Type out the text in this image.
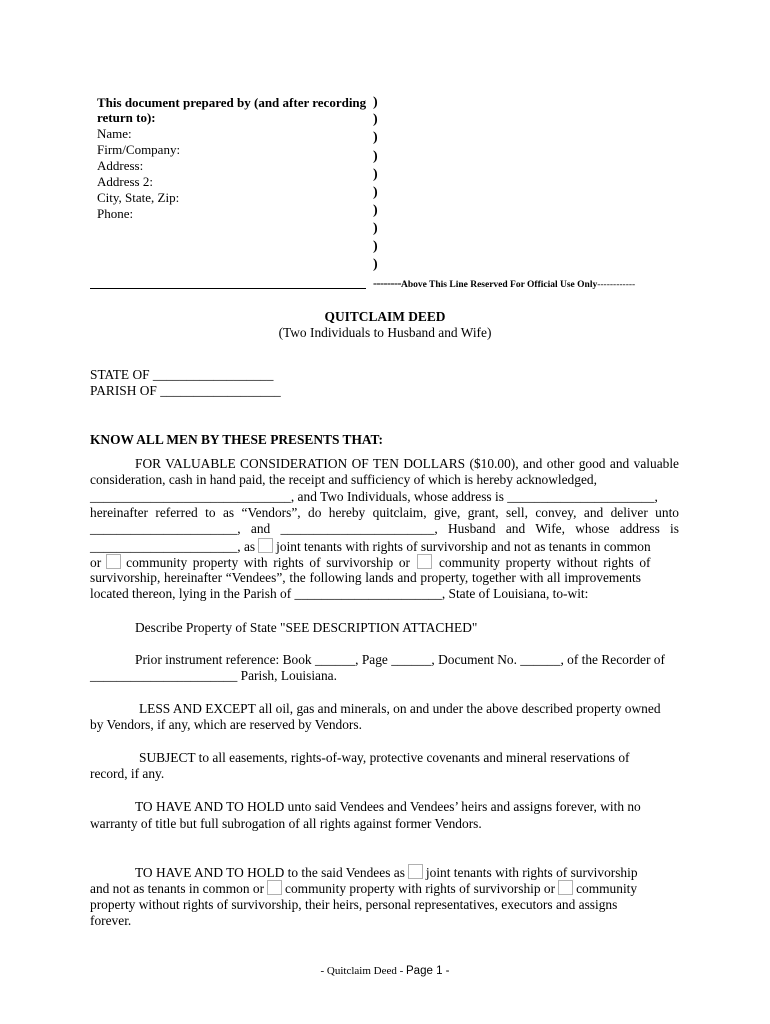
This document prepared by (and after recording
return to):
Name:
Firm/Company:
Address:
Address 2:
City, State, Zip:
Phone:
)
)
)
)
)
)
)
)
)
)
--------Above This Line Reserved For Official Use Only------------
QUITCLAIM DEED
(Two Individuals to Husband and Wife)
STATE OF __________________
PARISH OF __________________
KNOW ALL MEN BY THESE PRESENTS THAT:
FOR VALUABLE CONSIDERATION OF TEN DOLLARS ($10.00), and other good and valuable consideration, cash in hand paid, the receipt and sufficiency of which is hereby acknowledged,
______________________________, and Two Individuals, whose address is ______________________,
hereinafter referred to as “Vendors”, do hereby quitclaim, give, grant, sell, convey, and deliver unto
______________________, and _______________________, Husband and Wife, whose address is
______________________, as joint tenants with rights of survivorship and not as tenants in common
or community property with rights of survivorship or community property without rights of
survivorship, hereinafter “Vendees”, the following lands and property, together with all improvements
located thereon, lying in the Parish of ______________________, State of Louisiana, to-wit:
Describe Property of State "SEE DESCRIPTION ATTACHED"
Prior instrument reference: Book ______, Page ______, Document No. ______, of the Recorder of
______________________ Parish, Louisiana.
LESS AND EXCEPT all oil, gas and minerals, on and under the above described property owned
by Vendors, if any, which are reserved by Vendors.
SUBJECT to all easements, rights-of-way, protective covenants and mineral reservations of
record, if any.
TO HAVE AND TO HOLD unto said Vendees and Vendees’ heirs and assigns forever, with no
warranty of title but full subrogation of all rights against former Vendors.
TO HAVE AND TO HOLD to the said Vendees as joint tenants with rights of survivorship
and not as tenants in common or community property with rights of survivorship or community
property without rights of survivorship, their heirs, personal representatives, executors and assigns
forever.
- Quitclaim Deed - Page 1 -
